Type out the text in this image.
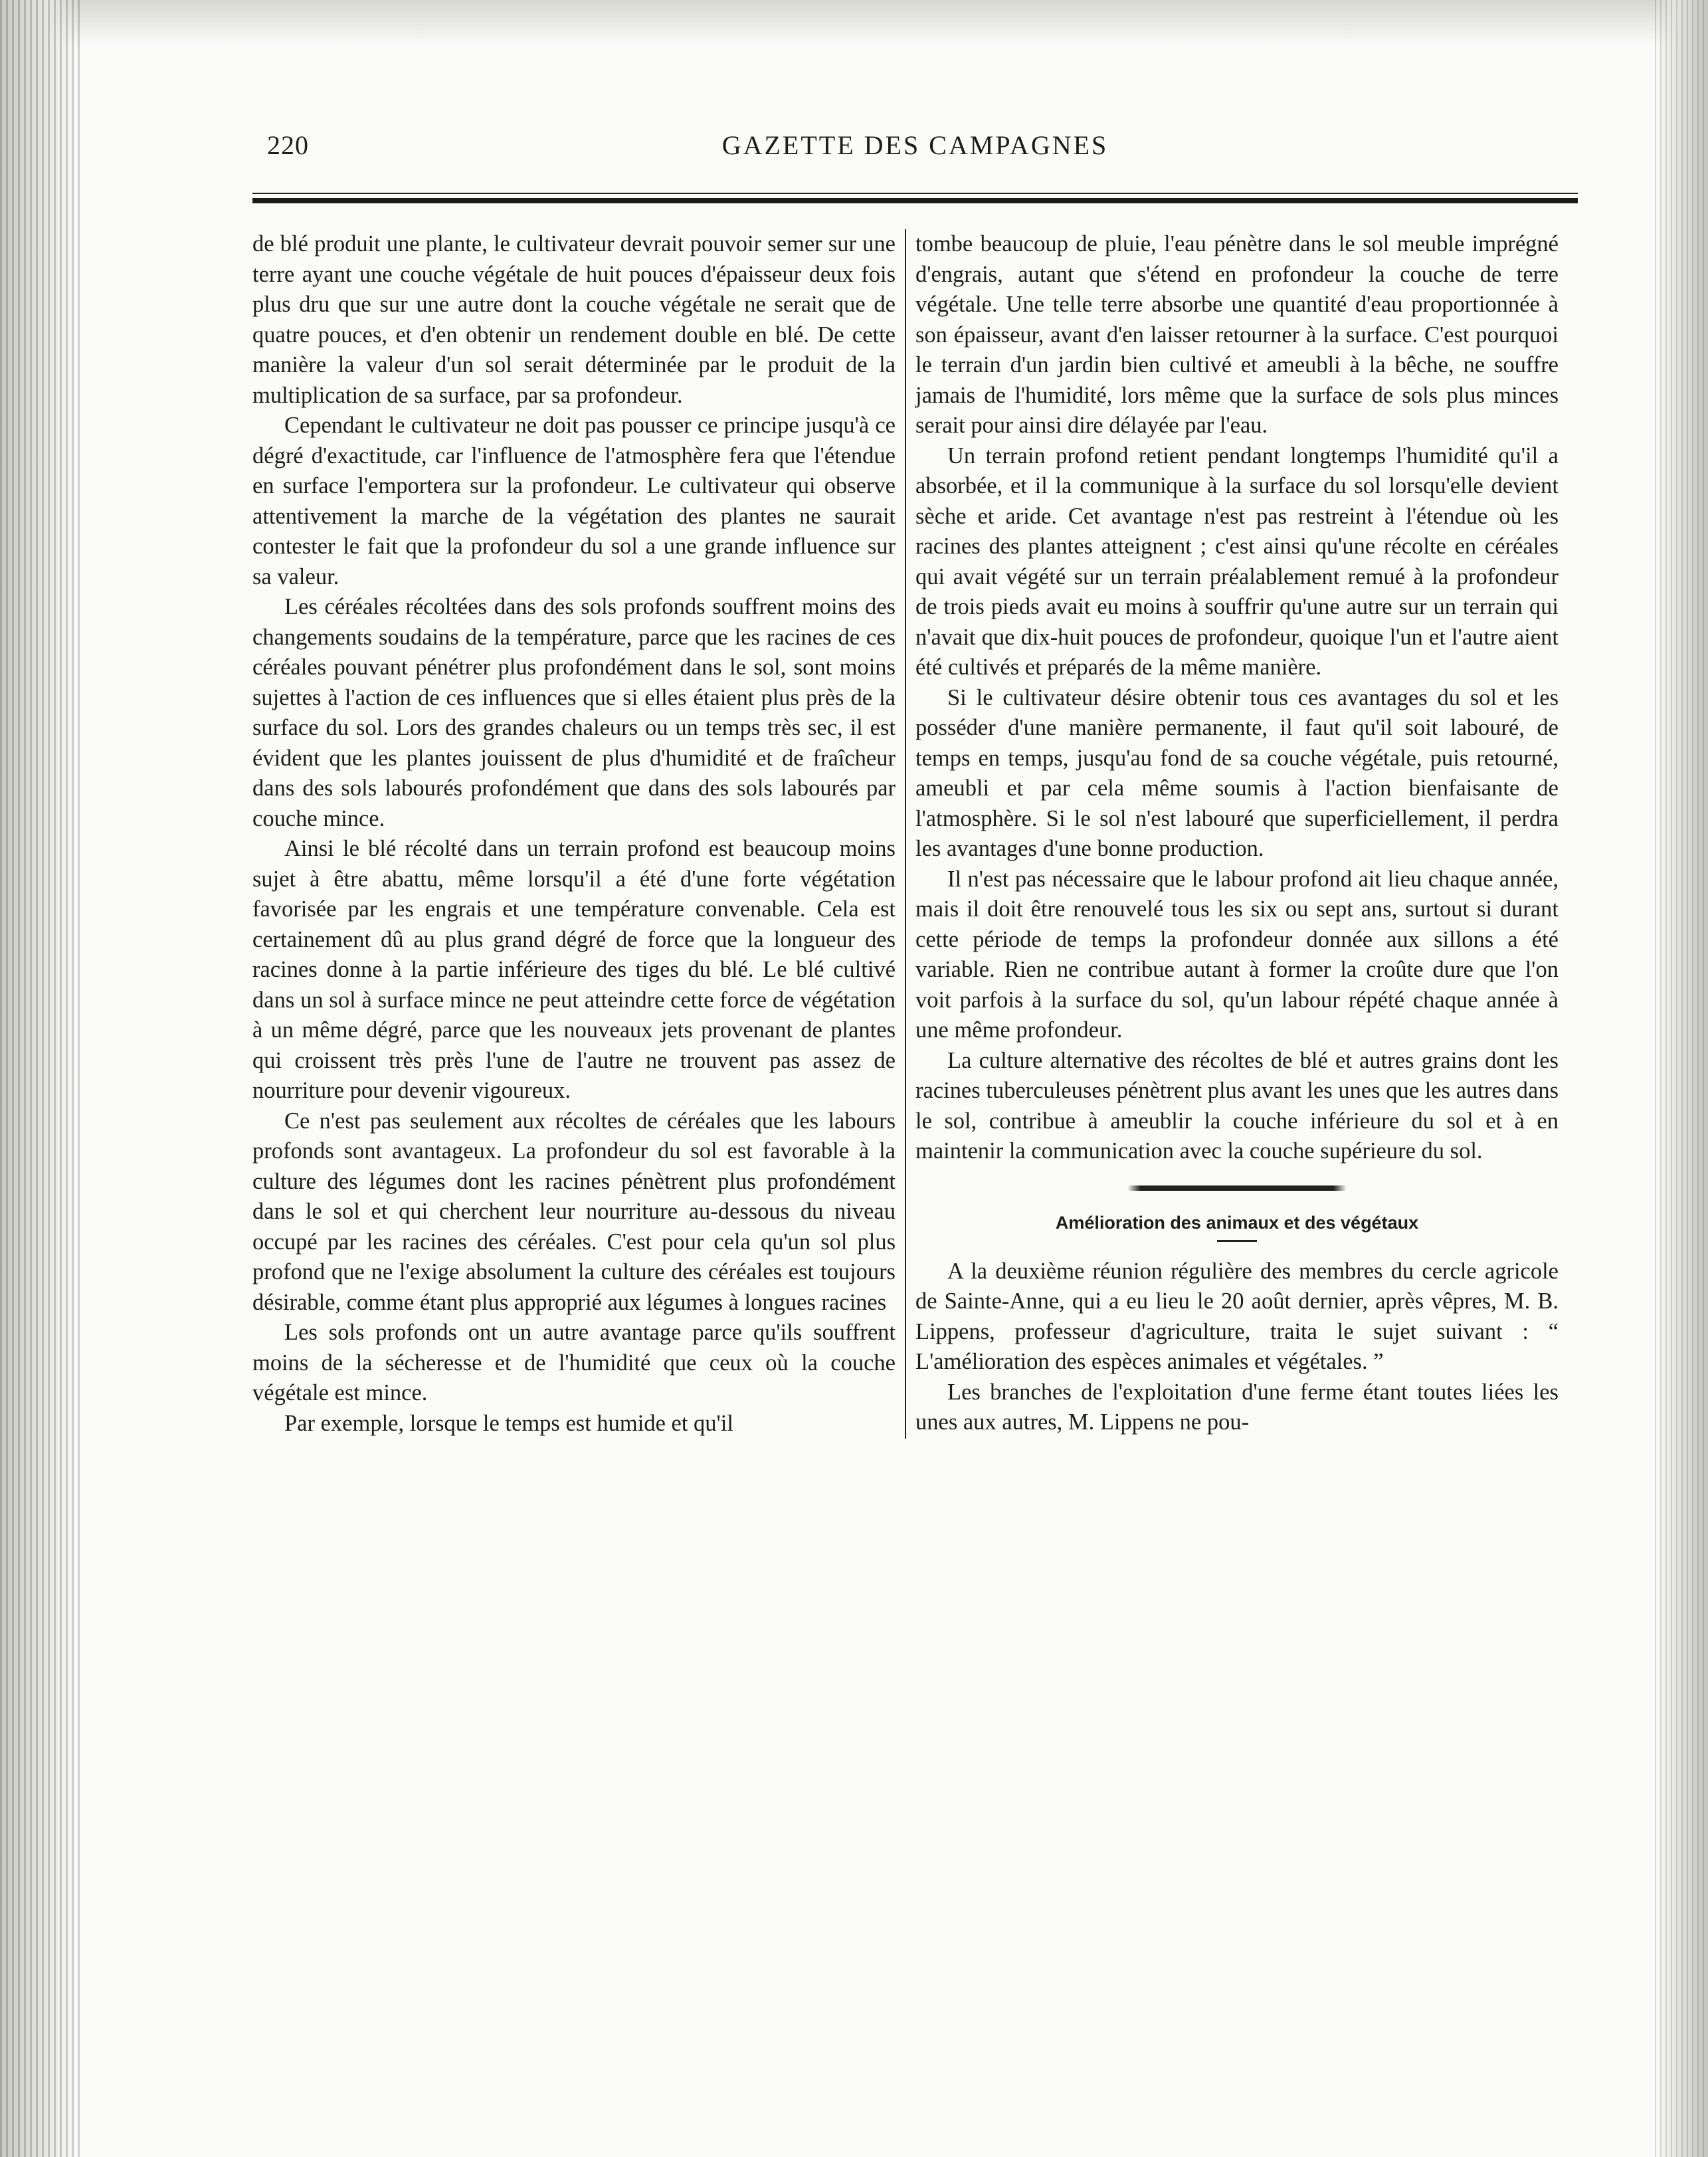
220	GAZETTE DES CAMPAGNES

de blé produit une plante, le cultivateur devrait pouvoir semer sur une terre ayant une couche végétale de huit pouces d'épaisseur deux fois plus dru que sur une autre dont la couche végétale ne serait que de quatre pouces, et d'en obtenir un rendement double en blé. De cette manière la valeur d'un sol serait déterminée par le produit de la multiplication de sa surface, par sa profondeur.

Cependant le cultivateur ne doit pas pousser ce principe jusqu'à ce dégré d'exactitude, car l'influence de l'atmosphère fera que l'étendue en surface l'emportera sur la profondeur. Le cultivateur qui observe attentivement la marche de la végétation des plantes ne saurait contester le fait que la profondeur du sol a une grande influence sur sa valeur.

Les céréales récoltées dans des sols profonds souffrent moins des changements soudains de la température, parce que les racines de ces céréales pouvant pénétrer plus profondément dans le sol, sont moins sujettes à l'action de ces influences que si elles étaient plus près de la surface du sol. Lors des grandes chaleurs ou un temps très sec, il est évident que les plantes jouissent de plus d'humidité et de fraîcheur dans des sols labourés profondément que dans des sols labourés par couche mince.

Ainsi le blé récolté dans un terrain profond est beaucoup moins sujet à être abattu, même lorsqu'il a été d'une forte végétation favorisée par les engrais et une température convenable. Cela est certainement dû au plus grand dégré de force que la longueur des racines donne à la partie inférieure des tiges du blé. Le blé cultivé dans un sol à surface mince ne peut atteindre cette force de végétation à un même dégré, parce que les nouveaux jets provenant de plantes qui croissent très près l'une de l'autre ne trouvent pas assez de nourriture pour devenir vigoureux.

Ce n'est pas seulement aux récoltes de céréales que les labours profonds sont avantageux. La profondeur du sol est favorable à la culture des légumes dont les racines pénètrent plus profondément dans le sol et qui cherchent leur nourriture au-dessous du niveau occupé par les racines des céréales. C'est pour cela qu'un sol plus profond que ne l'exige absolument la culture des céréales est toujours désirable, comme étant plus approprié aux légumes à longues racines

Les sols profonds ont un autre avantage parce qu'ils souffrent moins de la sécheresse et de l'humidité que ceux où la couche végétale est mince.

Par exemple, lorsque le temps est humide et qu'il

tombe beaucoup de pluie, l'eau pénètre dans le sol meuble imprégné d'engrais, autant que s'étend en profondeur la couche de terre végétale. Une telle terre absorbe une quantité d'eau proportionnée à son épaisseur, avant d'en laisser retourner à la surface. C'est pourquoi le terrain d'un jardin bien cultivé et ameubli à la bêche, ne souffre jamais de l'humidité, lors même que la surface de sols plus minces serait pour ainsi dire délayée par l'eau.

Un terrain profond retient pendant longtemps l'humidité qu'il a absorbée, et il la communique à la surface du sol lorsqu'elle devient sèche et aride. Cet avantage n'est pas restreint à l'étendue où les racines des plantes atteignent ; c'est ainsi qu'une récolte en céréales qui avait végété sur un terrain préalablement remué à la profondeur de trois pieds avait eu moins à souffrir qu'une autre sur un terrain qui n'avait que dix-huit pouces de profondeur, quoique l'un et l'autre aient été cultivés et préparés de la même manière.

Si le cultivateur désire obtenir tous ces avantages du sol et les posséder d'une manière permanente, il faut qu'il soit labouré, de temps en temps, jusqu'au fond de sa couche végétale, puis retourné, ameubli et par cela même soumis à l'action bienfaisante de l'atmosphère. Si le sol n'est labouré que superficiellement, il perdra les avantages d'une bonne production.

Il n'est pas nécessaire que le labour profond ait lieu chaque année, mais il doit être renouvelé tous les six ou sept ans, surtout si durant cette période de temps la profondeur donnée aux sillons a été variable. Rien ne contribue autant à former la croûte dure que l'on voit parfois à la surface du sol, qu'un labour répété chaque année à une même profondeur.

La culture alternative des récoltes de blé et autres grains dont les racines tuberculeuses pénètrent plus avant les unes que les autres dans le sol, contribue à ameublir la couche inférieure du sol et à en maintenir la communication avec la couche supérieure du sol.

Amélioration des animaux et des végétaux

A la deuxième réunion régulière des membres du cercle agricole de Sainte-Anne, qui a eu lieu le 20 août dernier, après vêpres, M. B. Lippens, professeur d'agriculture, traita le sujet suivant : “ L'amélioration des espèces animales et végétales. ”

Les branches de l'exploitation d'une ferme étant toutes liées les unes aux autres, M. Lippens ne pou-
